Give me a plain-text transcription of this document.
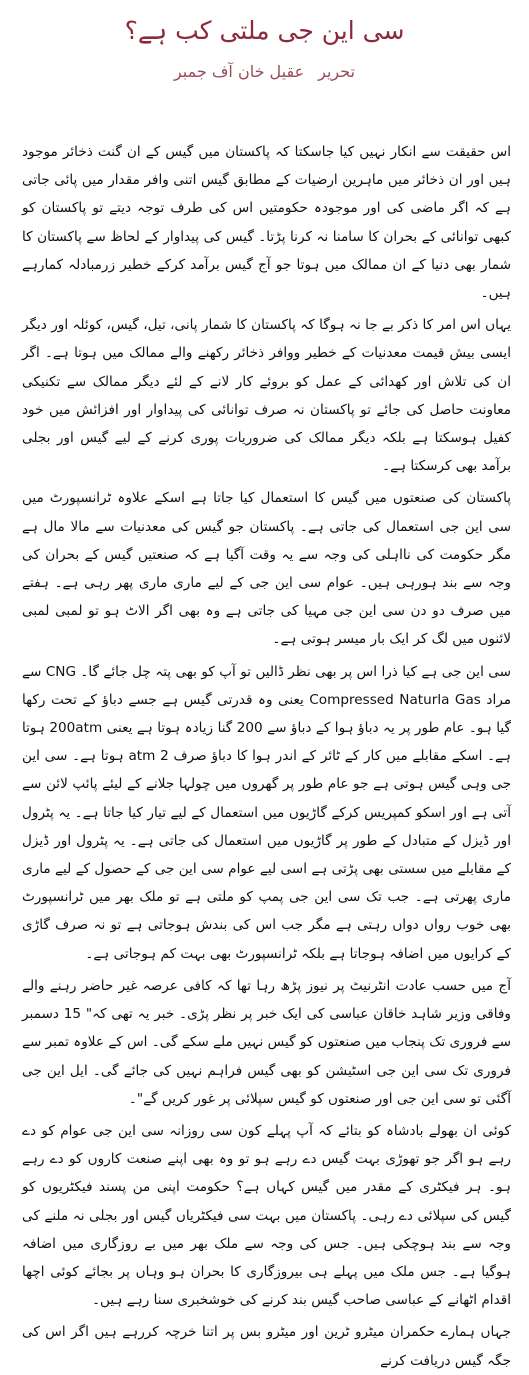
سی این جی ملتی کب ہے؟
تحریرعقیل خان آف جمبر

اس حقیقت سے انکار نہیں کیا جاسکتا کہ پاکستان میں گیس کے ان گنت ذخائر موجود ہیں اور ان ذخائر میں ماہرین ارضیات کے مطابق گیس اتنی وافر مقدار میں پائی جاتی ہے کہ اگر ماضی کی اور موجودہ حکومتیں اس کی طرف توجہ دیتے تو پاکستان کو کبھی توانائی کے بحران کا سامنا نہ کرنا پڑتا۔ گیس کی پیداوار کے لحاظ سے پاکستان کا شمار بھی دنیا کے ان ممالک میں ہوتا جو آج گیس برآمد کرکے خطیر زرمبادلہ کمارہے ہیں۔

یہاں اس امر کا ذکر بے جا نہ ہوگا کہ پاکستان کا شمار پانی، تیل، گیس، کوئلہ اور دیگر ایسی بیش قیمت معدنیات کے خطیر ووافر ذخائر رکھنے والے ممالک میں ہوتا ہے۔ اگر ان کی تلاش اور کھدائی کے عمل کو بروئے کار لانے کے لئے دیگر ممالک سے تکنیکی معاونت حاصل کی جائے تو پاکستان نہ صرف توانائی کی پیداوار اور افزائش میں خود کفیل ہوسکتا ہے بلکہ دیگر ممالک کی ضروریات پوری کرنے کے لیے گیس اور بجلی برآمد بھی کرسکتا ہے۔

پاکستان کی صنعتوں میں گیس کا استعمال کیا جاتا ہے اسکے علاوہ ٹرانسپورٹ میں سی این جی استعمال کی جاتی ہے۔ پاکستان جو گیس کی معدنیات سے مالا مال ہے مگر حکومت کی نااہلی کی وجہ سے یہ وقت آگیا ہے کہ صنعتیں گیس کے بحران کی وجہ سے بند ہورہی ہیں۔ عوام سی این جی کے لیے ماری ماری پھر رہی ہے۔ ہفتے میں صرف دو دن سی این جی مہیا کی جاتی ہے وہ بھی اگر الاٹ ہو تو لمبی لمبی لائنوں میں لگ کر ایک بار میسر ہوتی ہے۔

سی این جی ہے کیا ذرا اس پر بھی نظر ڈالیں تو آپ کو بھی پتہ چل جائے گا۔ CNG سے مراد Compressed Naturla Gas یعنی وہ قدرتی گیس ہے جسے دباؤ کے تحت رکھا گیا ہو۔ عام طور پر یہ دباؤ ہوا کے دباؤ سے 200 گنا زیادہ ہوتا ہے یعنی 200atm ہوتا ہے۔ اسکے مقابلے میں کار کے ٹائر کے اندر ہوا کا دباؤ صرف 2 atm ہوتا ہے۔ سی این جی وہی گیس ہوتی ہے جو عام طور پر گھروں میں چولہا جلانے کے لیئے پائپ لائن سے آتی ہے اور اسکو کمپریس کرکے گاڑیوں میں استعمال کے لیے تیار کیا جاتا ہے۔ یہ پٹرول اور ڈیزل کے متبادل کے طور پر گاڑیوں میں استعمال کی جاتی ہے۔ یہ پٹرول اور ڈیزل کے مقابلے میں سستی بھی پڑتی ہے اسی لیے عوام سی این جی کے حصول کے لیے ماری ماری پھرتی ہے۔ جب تک سی این جی پمپ کو ملتی ہے تو ملک بھر میں ٹرانسپورٹ بھی خوب رواں دواں رہتی ہے مگر جب اس کی بندش ہوجاتی ہے تو نہ صرف گاڑی کے کرایوں میں اضافہ ہوجاتا ہے بلکہ ٹرانسپورٹ بھی بہت کم ہوجاتی ہے۔

آج میں حسب عادت انٹرنیٹ پر نیوز پڑھ رہا تھا کہ کافی عرصہ غیر حاضر رہنے والے وفاقی وزیر شاہد خاقان عباسی کی ایک خبر پر نظر پڑی۔ خبر یہ تھی کہ" 15 دسمبر سے فروری تک پنجاب میں صنعتوں کو گیس نہیں ملے سکے گی۔ اس کے علاوہ تمبر سے فروری تک سی این جی اسٹیشن کو بھی گیس فراہم نہیں کی جائے گی۔ ایل این جی آگئی تو سی این جی اور صنعتوں کو گیس سپلائی پر غور کریں گے"۔

کوئی ان بھولے بادشاہ کو بتائے کہ آپ پہلے کون سی روزانہ سی این جی عوام کو دے رہے ہو اگر جو تھوڑی بہت گیس دے رہے ہو تو وہ بھی اپنے صنعت کاروں کو دے رہے ہو۔ ہر فیکٹری کے مقدر میں گیس کہاں ہے؟ حکومت اپنی من پسند فیکٹریوں کو گیس کی سپلائی دے رہی۔ پاکستان میں بہت سی فیکٹریاں گیس اور بجلی نہ ملنے کی وجہ سے بند ہوچکی ہیں۔ جس کی وجہ سے ملک بھر میں بے روزگاری میں اضافہ ہوگیا ہے۔ جس ملک میں پہلے ہی بیروزگاری کا بحران ہو وہاں پر بجائے کوئی اچھا اقدام اٹھانے کے عباسی صاحب گیس بند کرنے کی خوشخبری سنا رہے ہیں۔

جہاں ہمارے حکمران میٹرو ٹرین اور میٹرو بس پر اتنا خرچہ کررہے ہیں اگر اس کی جگہ گیس دریافت کرنے
